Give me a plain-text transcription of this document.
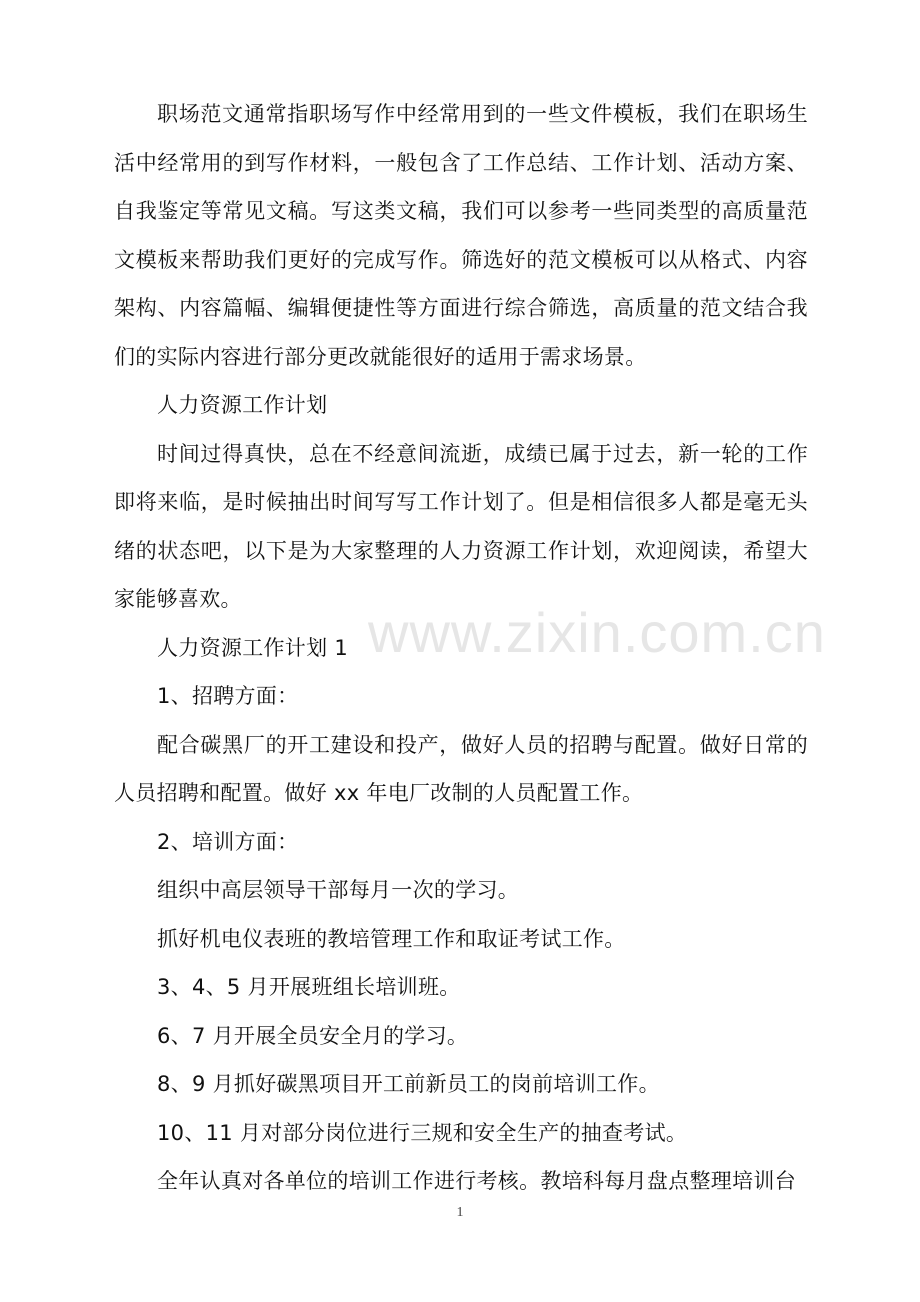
www.zixin.com.cn

职场范文通常指职场写作中经常用到的一些文件模板，我们在职场生活中经常用的到写作材料，一般包含了工作总结、工作计划、活动方案、自我鉴定等常见文稿。写这类文稿，我们可以参考一些同类型的高质量范文模板来帮助我们更好的完成写作。筛选好的范文模板可以从格式、内容架构、内容篇幅、编辑便捷性等方面进行综合筛选，高质量的范文结合我们的实际内容进行部分更改就能很好的适用于需求场景。

人力资源工作计划

时间过得真快，总在不经意间流逝，成绩已属于过去，新一轮的工作即将来临，是时候抽出时间写写工作计划了。但是相信很多人都是毫无头绪的状态吧，以下是为大家整理的人力资源工作计划，欢迎阅读，希望大家能够喜欢。

人力资源工作计划 1

1、招聘方面：

配合碳黑厂的开工建设和投产，做好人员的招聘与配置。做好日常的人员招聘和配置。做好 xx 年电厂改制的人员配置工作。

2、培训方面：

组织中高层领导干部每月一次的学习。

抓好机电仪表班的教培管理工作和取证考试工作。

3、4、5 月开展班组长培训班。

6、7 月开展全员安全月的学习。

8、9 月抓好碳黑项目开工前新员工的岗前培训工作。

10、11 月对部分岗位进行三规和安全生产的抽查考试。

全年认真对各单位的培训工作进行考核。教培科每月盘点整理培训台

1
